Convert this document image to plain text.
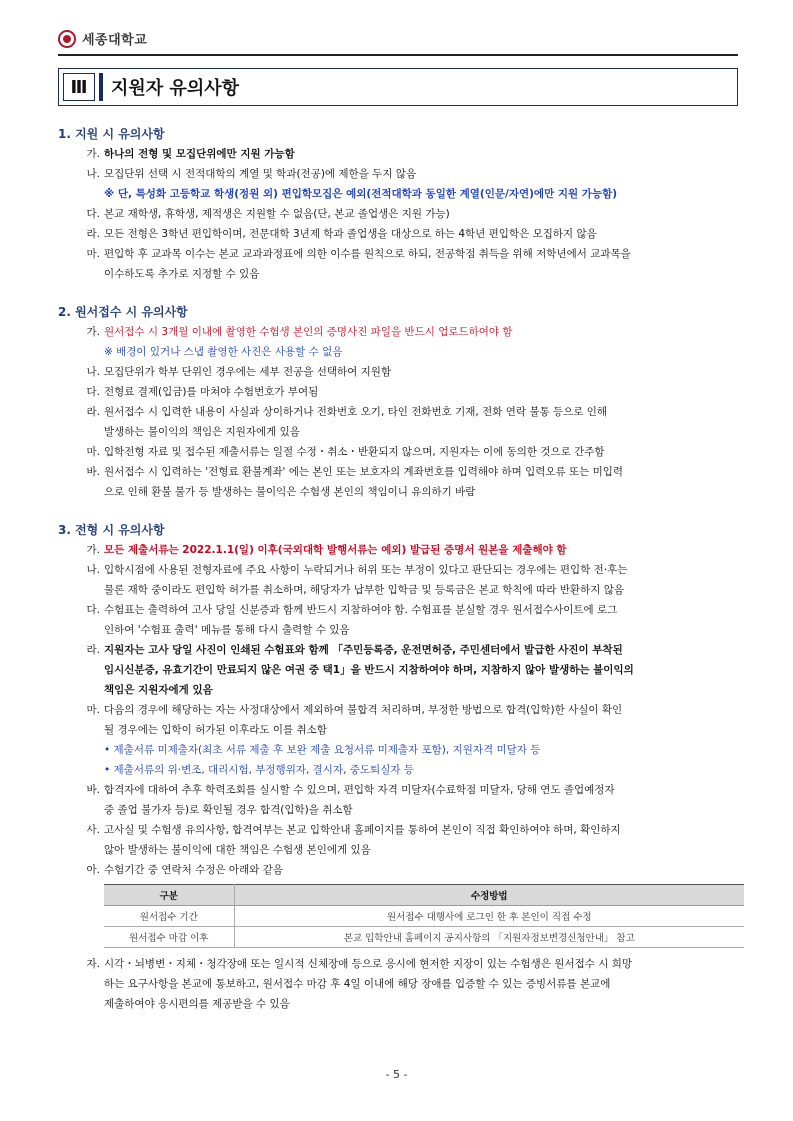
세종대학교
Ⅲ	지원자 유의사항
1. 지원 시 유의사항
가. 하나의 전형 및 모집단위에만 지원 가능함
나. 모집단위 선택 시 전적대학의 계열 및 학과(전공)에 제한을 두지 않음
※ 단, 특성화 고등학교 학생(정원 외) 편입학모집은 예외(전적대학과 동일한 계열(인문/자연)에만 지원 가능함)
다. 본교 재학생, 휴학생, 제적생은 지원할 수 없음(단, 본교 졸업생은 지원 가능)
라. 모든 전형은 3학년 편입학이며, 전문대학 3년제 학과 졸업생을 대상으로 하는 4학년 편입학은 모집하지 않음
마. 편입학 후 교과목 이수는 본교 교과과정표에 의한 이수를 원칙으로 하되, 전공학점 취득을 위해 저학년에서 교과목을
이수하도록 추가로 지정할 수 있음
2. 원서접수 시 유의사항
가. 원서접수 시 3개월 이내에 촬영한 수험생 본인의 증명사진 파일을 반드시 업로드하여야 함
※ 배경이 있거나 스냅 촬영한 사진은 사용할 수 없음
나. 모집단위가 학부 단위인 경우에는 세부 전공을 선택하여 지원함
다. 전형료 결제(입금)를 마쳐야 수험번호가 부여됨
라. 원서접수 시 입력한 내용이 사실과 상이하거나 전화번호 오기, 타인 전화번호 기재, 전화 연락 불통 등으로 인해
발생하는 불이익의 책임은 지원자에게 있음
마. 입학전형 자료 및 접수된 제출서류는 일절 수정・취소・반환되지 않으며, 지원자는 이에 동의한 것으로 간주함
바. 원서접수 시 입력하는 '전형료 환불계좌' 에는 본인 또는 보호자의 계좌번호를 입력해야 하며 입력오류 또는 미입력
으로 인해 환불 불가 등 발생하는 불이익은 수험생 본인의 책임이니 유의하기 바람
3. 전형 시 유의사항
가. 모든 제출서류는 2022.1.1(일) 이후(국외대학 발행서류는 예외) 발급된 증명서 원본을 제출해야 함
나. 입학시점에 사용된 전형자료에 주요 사항이 누락되거나 허위 또는 부정이 있다고 판단되는 경우에는 편입학 전·후는
물론 재학 중이라도 편입학 허가를 취소하며, 해당자가 납부한 입학금 및 등록금은 본교 학칙에 따라 반환하지 않음
다. 수험표는 출력하여 고사 당일 신분증과 함께 반드시 지참하여야 함. 수험표를 분실할 경우 원서접수사이트에 로그
인하여 '수험표 출력' 메뉴를 통해 다시 출력할 수 있음
라. 지원자는 고사 당일 사진이 인쇄된 수험표와 함께 「주민등록증, 운전면허증, 주민센터에서 발급한 사진이 부착된
임시신분증, 유효기간이 만료되지 않은 여권 중 택1」을 반드시 지참하여야 하며, 지참하지 않아 발생하는 불이익의
책임은 지원자에게 있음
마. 다음의 경우에 해당하는 자는 사정대상에서 제외하여 불합격 처리하며, 부정한 방법으로 합격(입학)한 사실이 확인
될 경우에는 입학이 허가된 이후라도 이를 취소함
• 제출서류 미제출자(최초 서류 제출 후 보완 제출 요청서류 미제출자 포함), 지원자격 미달자 등
• 제출서류의 위·변조, 대리시험, 부정행위자, 결시자, 중도퇴실자 등
바. 합격자에 대하여 추후 학력조회를 실시할 수 있으며, 편입학 자격 미달자(수료학점 미달자, 당해 연도 졸업예정자
중 졸업 불가자 등)로 확인될 경우 합격(입학)을 취소함
사. 고사실 및 수험생 유의사항, 합격여부는 본교 입학안내 홈페이지를 통하여 본인이 직접 확인하여야 하며, 확인하지
않아 발생하는 불이익에 대한 책임은 수험생 본인에게 있음
아. 수험기간 중 연락처 수정은 아래와 같음
구분	수정방법
원서접수 기간	원서접수 대행사에 로그인 한 후 본인이 직접 수정
원서접수 마감 이후	본교 입학안내 홈페이지 공지사항의 「지원자정보변경신청안내」 참고
자. 시각・뇌병변・지체・청각장애 또는 일시적 신체장애 등으로 응시에 현저한 지장이 있는 수험생은 원서접수 시 희망
하는 요구사항을 본교에 통보하고, 원서접수 마감 후 4일 이내에 해당 장애를 입증할 수 있는 증빙서류를 본교에
제출하여야 응시편의를 제공받을 수 있음
- 5 -
